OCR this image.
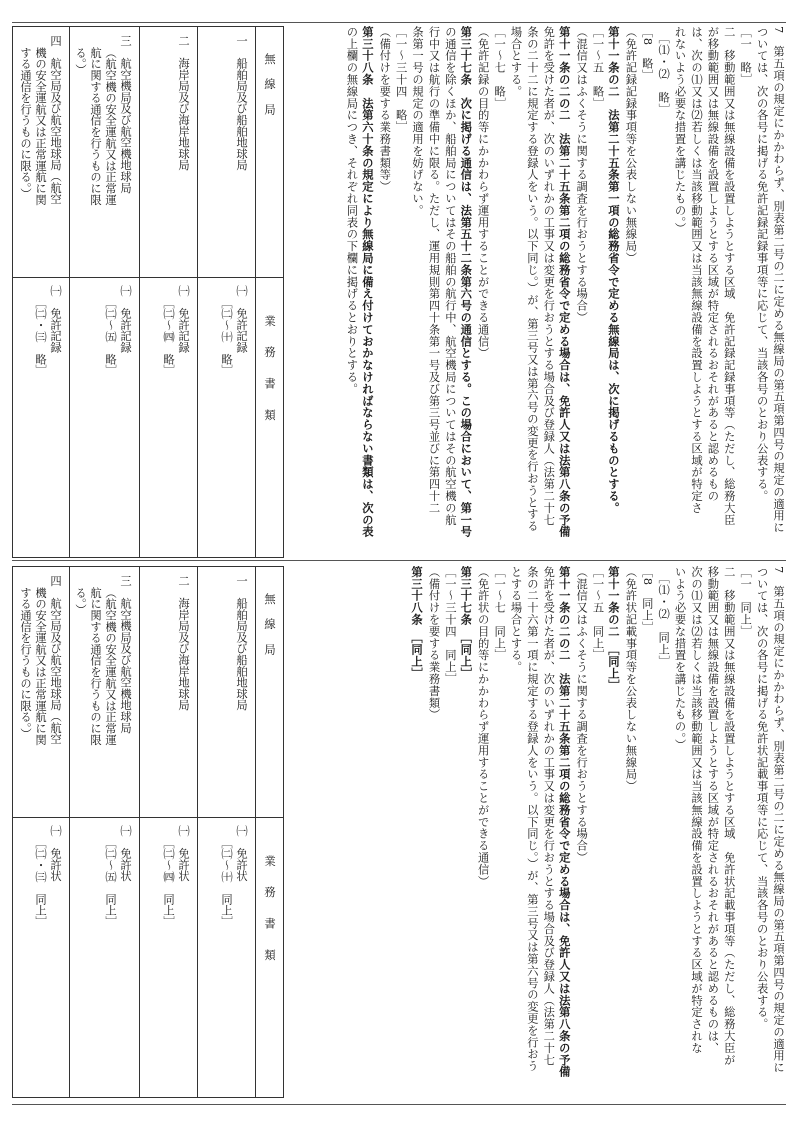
7　第五項の規定にかかわらず、別表第二号の二に定める無線局の第五項第四号の規定の適用に
ついては、次の各号に掲げる免許記録記録事項等に応じて、当該各号のとおり公表する。
［一　略］
二　移動範囲又は無線設備を設置しようとする区域　免許記録記録事項等（ただし、総務大臣
が移動範囲又は無線設備を設置しようとする区域が特定されるおそれがあると認めるもの
は、次の⑴又は⑵若しくは当該移動範囲又は当該無線設備を設置しようとする区域が特定さ
れないよう必要な措置を講じたもの。）
　［⑴・⑵　略］
［8　略］
（免許記録記録事項等を公表しない無線局）
第十一条の二　法第二十五条第一項の総務省令で定める無線局は、次に掲げるものとする。
［一～五　略］
（混信又はふくそうに関する調査を行おうとする場合）
第十一条の二の二　法第二十五条第二項の総務省令で定める場合は、免許人又は法第八条の予備
免許を受けた者が、次のいずれかの工事又は変更を行おうとする場合及び登録人（法第二十七
条の二十二に規定する登録人をいう。以下同じ。）が、第三号又は第六号の変更を行おうとする
場合とする。
［一～七　略］
（免許記録の目的等にかかわらず運用することができる通信）
第三十七条　次に掲げる通信は、法第五十二条第六号の通信とする。この場合において、第一号
の通信を除くほか、船舶局についてはその船舶の航行中、航空機局についてはその航空機の航
行中又は航行の準備中に限る。ただし、運用規則第四十条第一号及び第三号並びに第四十二
条第一号の規定の適用を妨げない。
［一～三十四　略］
（備付けを要する業務書類等）
第三十八条　法第六十条の規定により無線局に備え付けておかなければならない書類は、次の表
の上欄の無線局につき、それぞれ同表の下欄に掲げるとおりとする。
無線局
業務書類
一　船舶局及び船舶地球局
㈠　免許記録
［㈡～㈩　略］
二　海岸局及び海岸地球局
㈠　免許記録
［㈡～㈣　略］
三　航空機局及び航空機地球局
（航空機の安全運航又は正常運
航に関する通信を行うものに限
る。）
㈠　免許記録
［㈡～㈤　略］
四　航空局及び航空地球局（航空
機の安全運航又は正常運航に関
する通信を行うものに限る。）
㈠　免許記録
［㈡・㈢　略］
7　第五項の規定にかかわらず、別表第二号の二に定める無線局の第五項第四号の規定の適用に
ついては、次の各号に掲げる免許状記載事項等に応じて、当該各号のとおり公表する。
［一　同上］
二　移動範囲又は無線設備を設置しようとする区域　免許状記載事項等（ただし、総務大臣が
移動範囲又は無線設備を設置しようとする区域が特定されるおそれがあると認めるものは、
次の⑴又は⑵若しくは当該移動範囲又は当該無線設備を設置しようとする区域が特定されな
いよう必要な措置を講じたもの。）
　［⑴・⑵　同上］
［8　同上］
（免許状記載事項等を公表しない無線局）
第十一条の二　［同上］
［一～五　同上］
（混信又はふくそうに関する調査を行おうとする場合）
第十一条の二の二　法第二十五条第二項の総務省令で定める場合は、免許人又は法第八条の予備
免許を受けた者が、次のいずれかの工事又は変更を行おうとする場合及び登録人（法第二十七
条の二十六第一項に規定する登録人をいう。以下同じ。）が、第三号又は第六号の変更を行おう
とする場合とする。
［一～七　同上］
（免許状の目的等にかかわらず運用することができる通信）
第三十七条　［同上］
［一～三十四　同上］
（備付けを要する業務書類）
第三十八条　［同上］
無線局
業務書類
一　船舶局及び船舶地球局
㈠　免許状
［㈡～㈩　同上］
二　海岸局及び海岸地球局
㈠　免許状
［㈡～㈣　同上］
三　航空機局及び航空機地球局
（航空機の安全運航又は正常運
航に関する通信を行うものに限
る。）
㈠　免許状
［㈡～㈤　同上］
四　航空局及び航空地球局（航空
機の安全運航又は正常運航に関
する通信を行うものに限る。）
㈠　免許状
［㈡・㈢　同上］
